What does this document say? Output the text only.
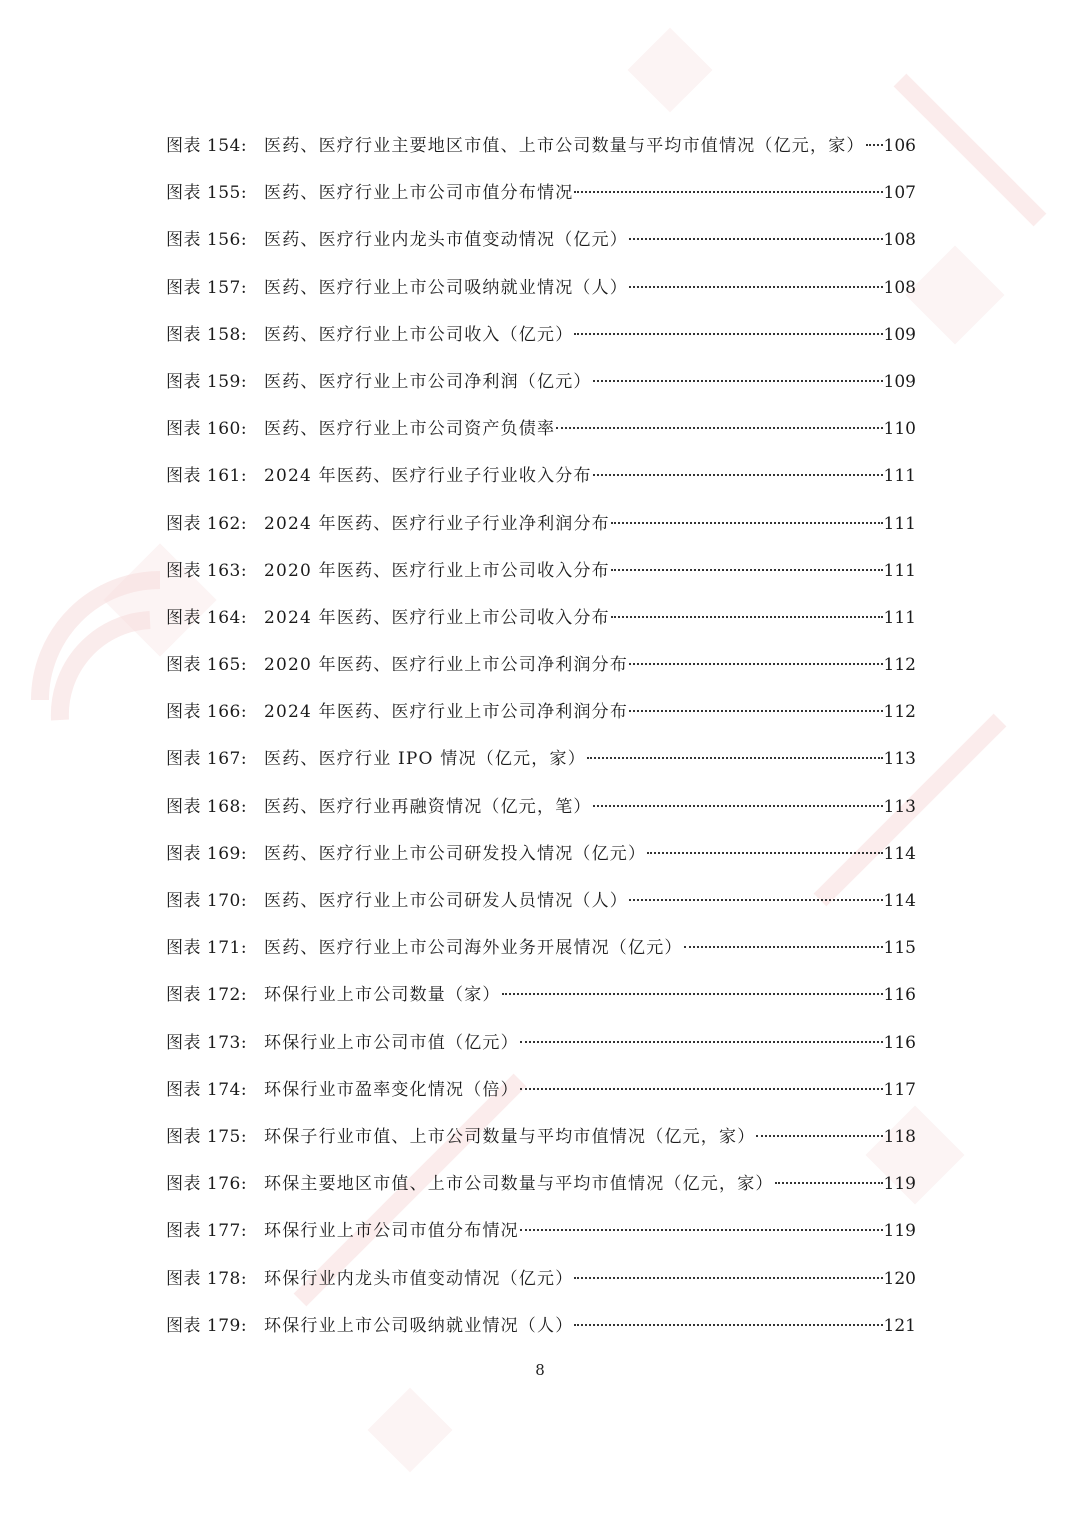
图表 154: 医药、医疗行业主要地区市值、上市公司数量与平均市值情况（亿元，家） 106
图表 155: 医药、医疗行业上市公司市值分布情况	107
图表 156: 医药、医疗行业内龙头市值变动情况（亿元）	108
图表 157: 医药、医疗行业上市公司吸纳就业情况（人）	108
图表 158: 医药、医疗行业上市公司收入（亿元）	109
图表 159: 医药、医疗行业上市公司净利润（亿元）	109
图表 160: 医药、医疗行业上市公司资产负债率	110
图表 161: 2024 年医药、医疗行业子行业收入分布	111
图表 162: 2024 年医药、医疗行业子行业净利润分布	111
图表 163: 2020 年医药、医疗行业上市公司收入分布	111
图表 164: 2024 年医药、医疗行业上市公司收入分布	111
图表 165: 2020 年医药、医疗行业上市公司净利润分布	112
图表 166: 2024 年医药、医疗行业上市公司净利润分布	112
图表 167: 医药、医疗行业 IPO 情况（亿元，家）	113
图表 168: 医药、医疗行业再融资情况（亿元，笔）	113
图表 169: 医药、医疗行业上市公司研发投入情况（亿元）	114
图表 170: 医药、医疗行业上市公司研发人员情况（人）	114
图表 171: 医药、医疗行业上市公司海外业务开展情况（亿元）	115
图表 172: 环保行业上市公司数量（家）	116
图表 173: 环保行业上市公司市值（亿元）	116
图表 174: 环保行业市盈率变化情况（倍）	117
图表 175: 环保子行业市值、上市公司数量与平均市值情况（亿元，家）	118
图表 176: 环保主要地区市值、上市公司数量与平均市值情况（亿元，家）	119
图表 177: 环保行业上市公司市值分布情况	119
图表 178: 环保行业内龙头市值变动情况（亿元）	120
图表 179: 环保行业上市公司吸纳就业情况（人）	121
8
